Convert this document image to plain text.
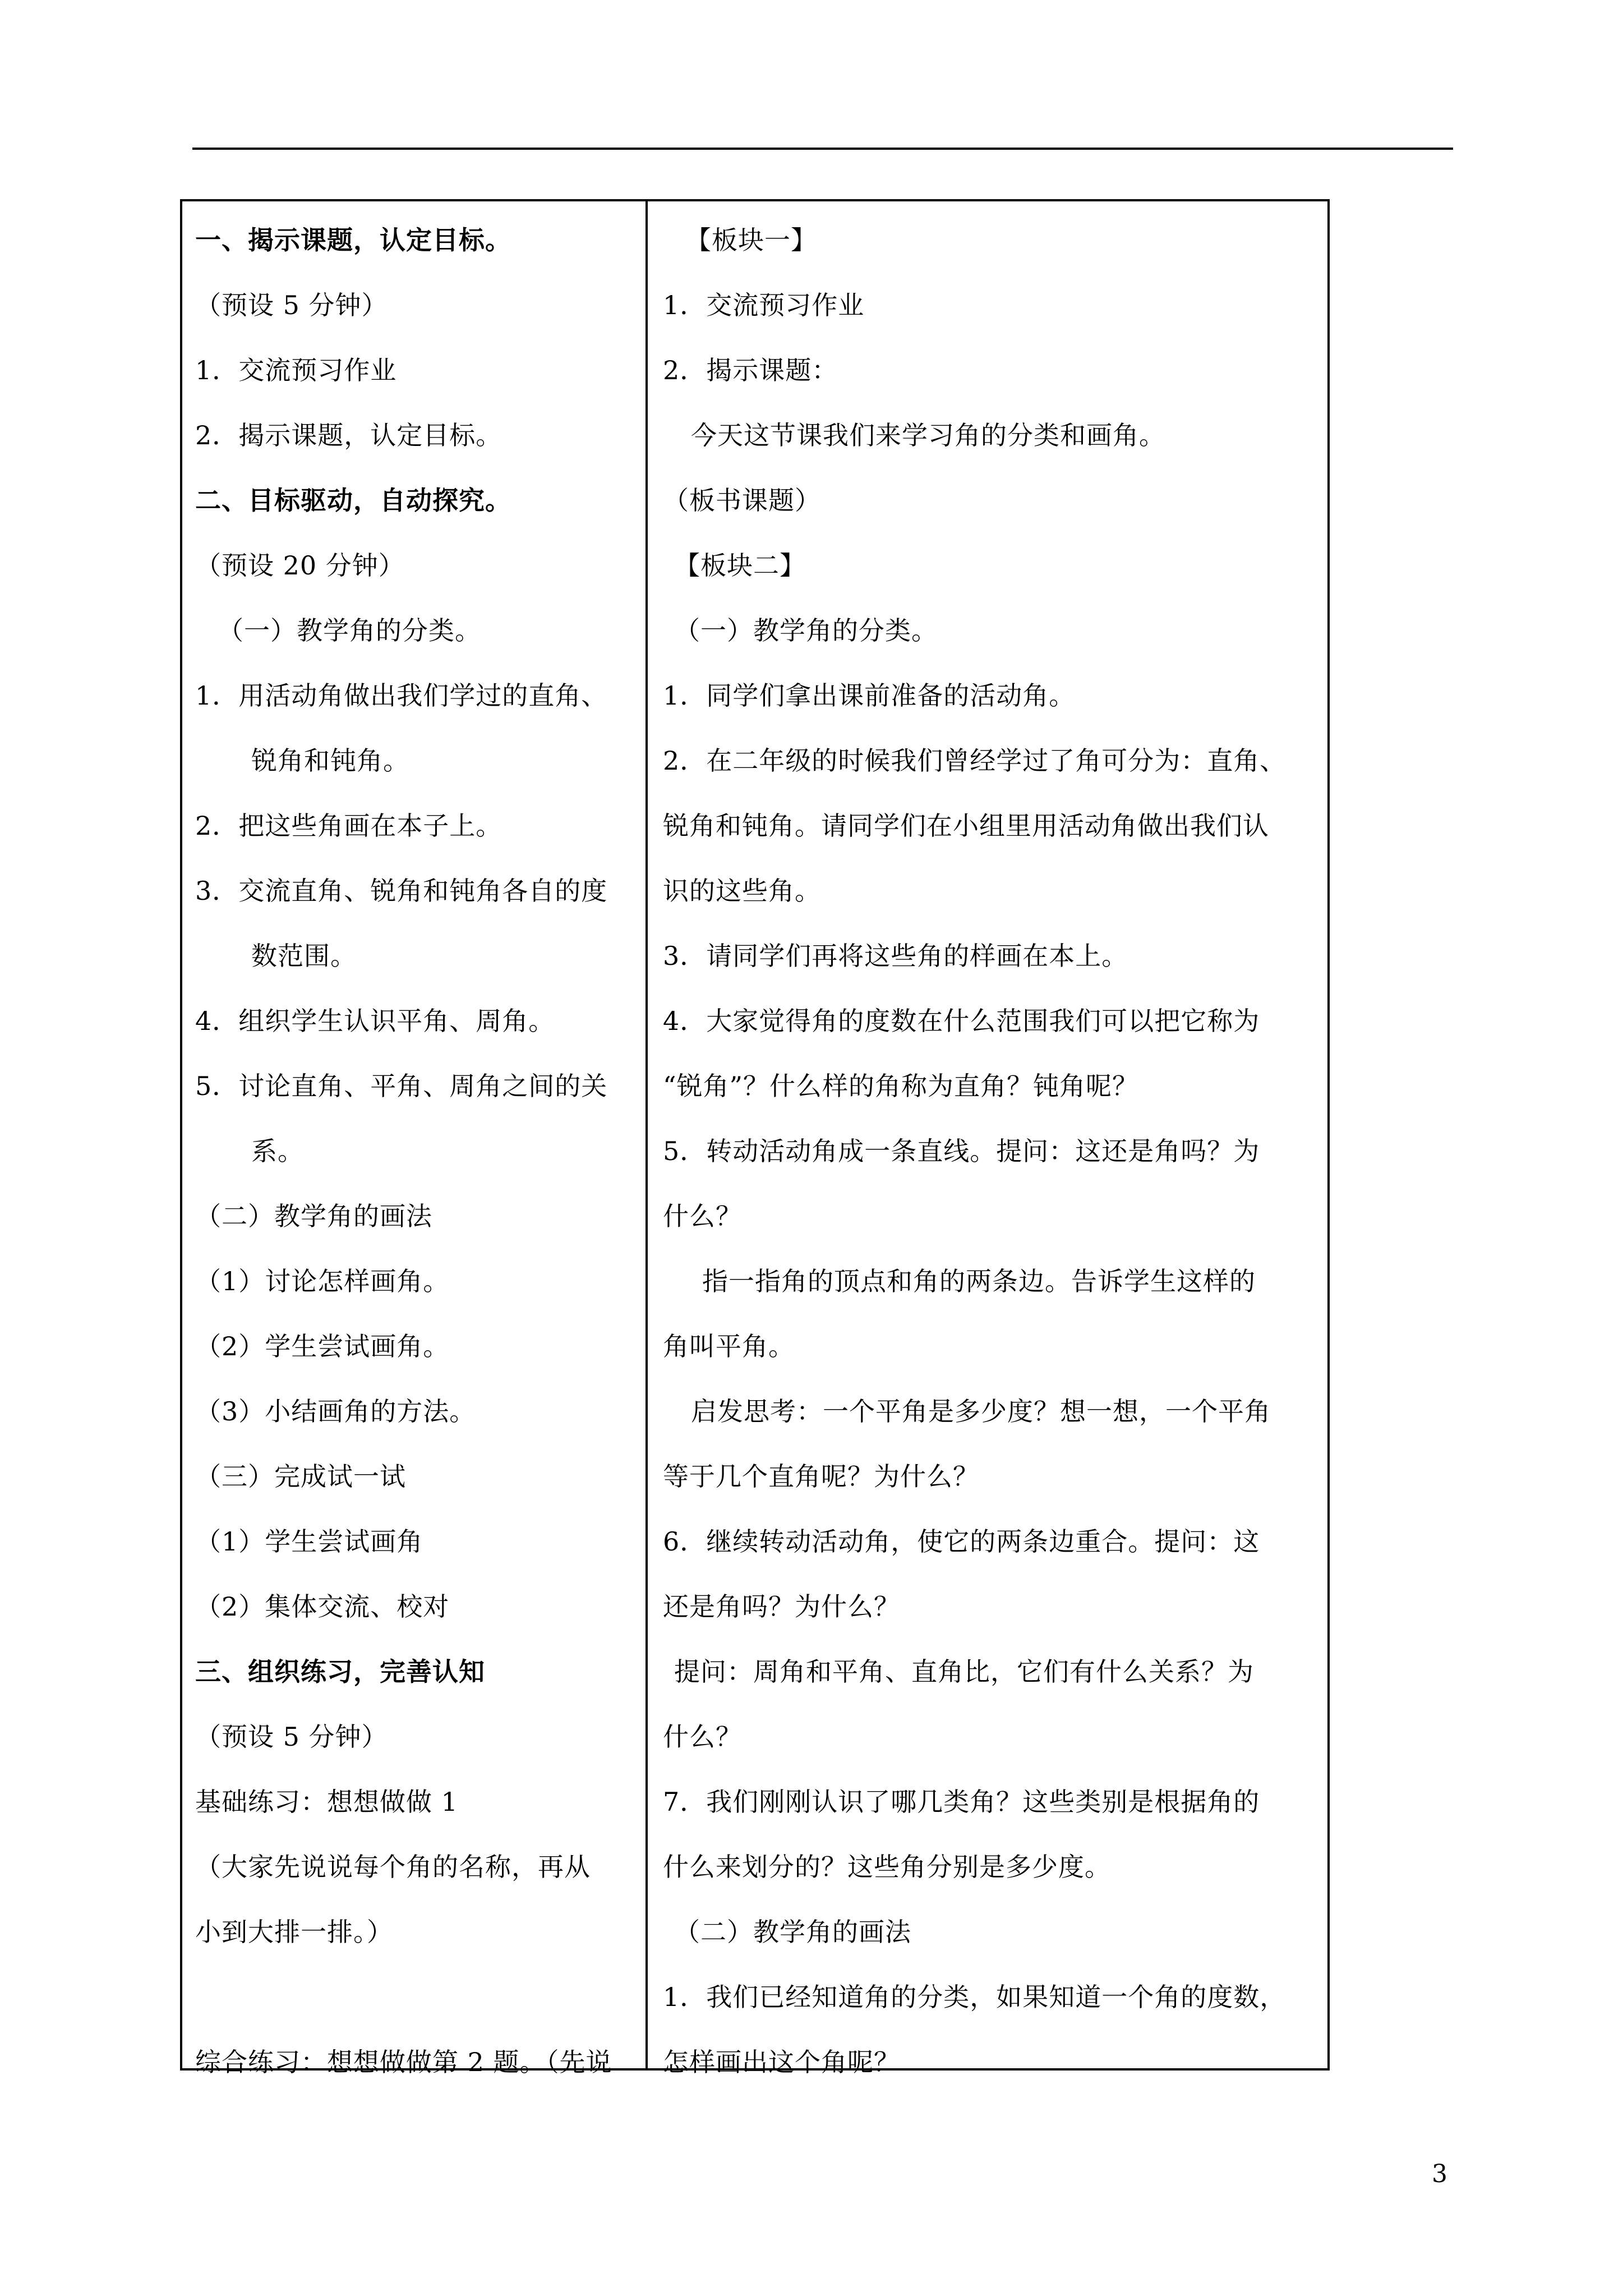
一、揭示课题，认定目标。
（预设 5 分钟）
1．交流预习作业
2．揭示课题，认定目标。
二、目标驱动，自动探究。
（预设 20 分钟）
（一）教学角的分类。
1．用活动角做出我们学过的直角、
锐角和钝角。
2．把这些角画在本子上。
3．交流直角、锐角和钝角各自的度
数范围。
4．组织学生认识平角、周角。
5．讨论直角、平角、周角之间的关
系。
（二）教学角的画法
（1）讨论怎样画角。
（2）学生尝试画角。
（3）小结画角的方法。
（三）完成试一试
（1）学生尝试画角
（2）集体交流、校对
三、组织练习，完善认知
（预设 5 分钟）
基础练习：想想做做 1
（大家先说说每个角的名称，再从
小到大排一排。）
综合练习：想想做做第 2 题。（先说
【板块一】
1．交流预习作业
2．揭示课题：
今天这节课我们来学习角的分类和画角。
（板书课题）
【板块二】
（一）教学角的分类。
1．同学们拿出课前准备的活动角。
2．在二年级的时候我们曾经学过了角可分为：直角、
锐角和钝角。请同学们在小组里用活动角做出我们认
识的这些角。
3．请同学们再将这些角的样画在本上。
4．大家觉得角的度数在什么范围我们可以把它称为
“锐角”？什么样的角称为直角？钝角呢？
5．转动活动角成一条直线。提问：这还是角吗？为
什么？
指一指角的顶点和角的两条边。告诉学生这样的
角叫平角。
启发思考：一个平角是多少度？想一想，一个平角
等于几个直角呢？为什么？
6．继续转动活动角，使它的两条边重合。提问：这
还是角吗？为什么？
提问：周角和平角、直角比，它们有什么关系？为
什么？
7．我们刚刚认识了哪几类角？这些类别是根据角的
什么来划分的？这些角分别是多少度。
（二）教学角的画法
1．我们已经知道角的分类，如果知道一个角的度数，
怎样画出这个角呢？
3
